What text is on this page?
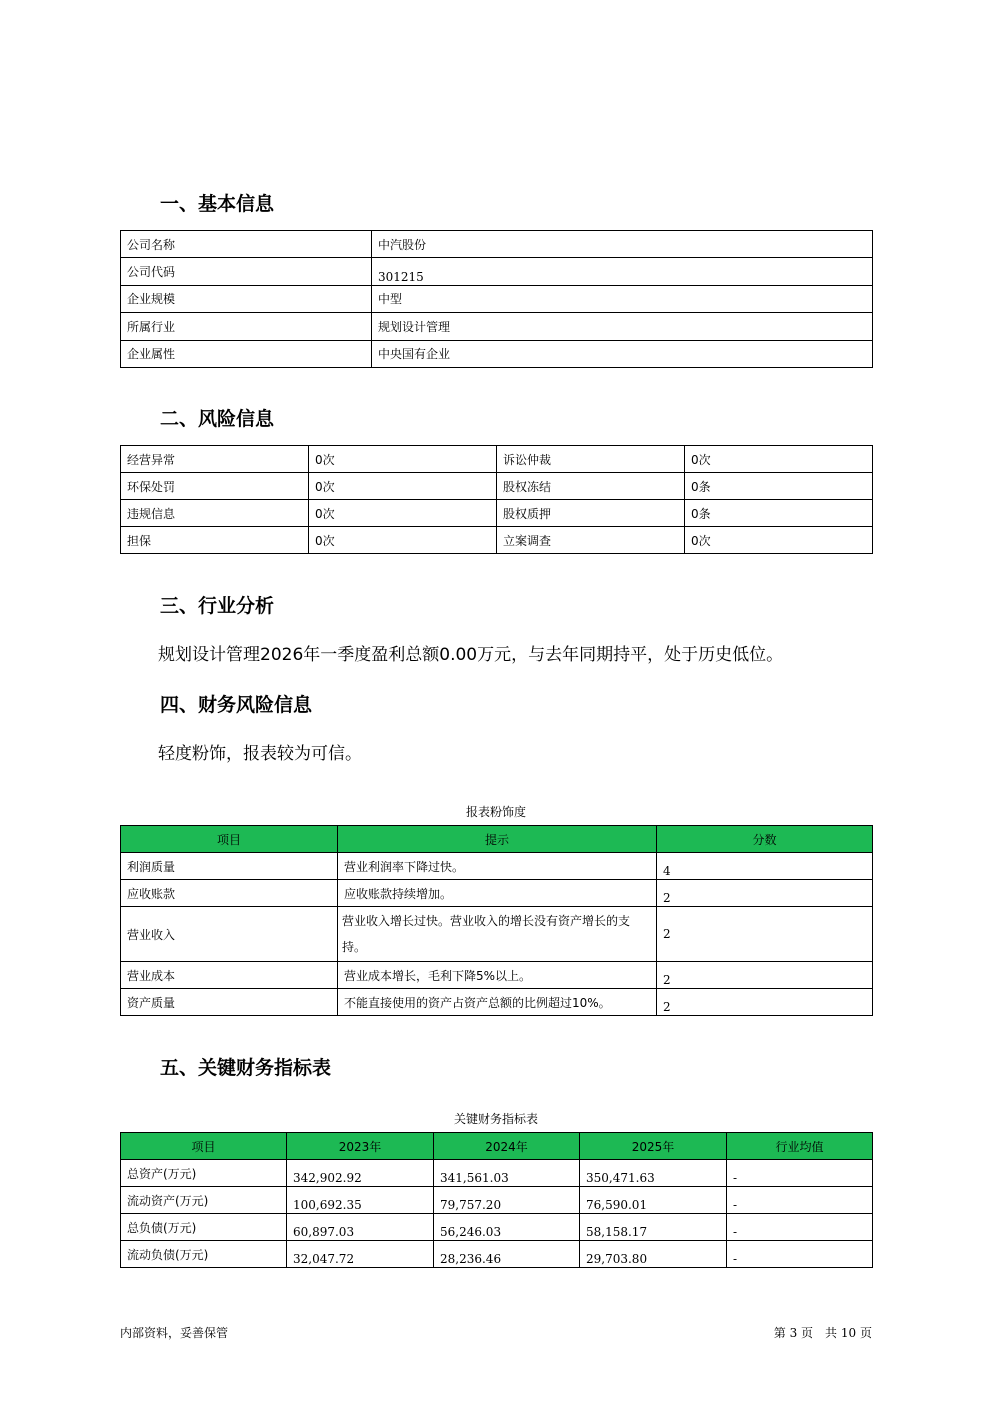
一、基本信息
公司名称	中汽股份
公司代码	301215
企业规模	中型
所属行业	规划设计管理
企业属性	中央国有企业
二、风险信息
经营异常	0次	诉讼仲裁	0次
环保处罚	0次	股权冻结	0条
违规信息	0次	股权质押	0条
担保	0次	立案调查	0次
三、行业分析
规划设计管理2026年一季度盈利总额0.00万元，与去年同期持平，处于历史低位。
四、财务风险信息
轻度粉饰，报表较为可信。
报表粉饰度
项目	提示	分数
利润质量	营业利润率下降过快。	4
应收账款	应收账款持续增加。	2
营业收入	营业收入增长过快。营业收入的增长没有资产增长的支持。	2
营业成本	营业成本增长，毛利下降5%以上。	2
资产质量	不能直接使用的资产占资产总额的比例超过10%。	2
五、关键财务指标表
关键财务指标表
项目	2023年	2024年	2025年	行业均值
总资产(万元)	342,902.92	341,561.03	350,471.63	-
流动资产(万元)	100,692.35	79,757.20	76,590.01	-
总负债(万元)	60,897.03	56,246.03	58,158.17	-
流动负债(万元)	32,047.72	28,236.46	29,703.80	-
内部资料，妥善保管	第 3 页　共 10 页
